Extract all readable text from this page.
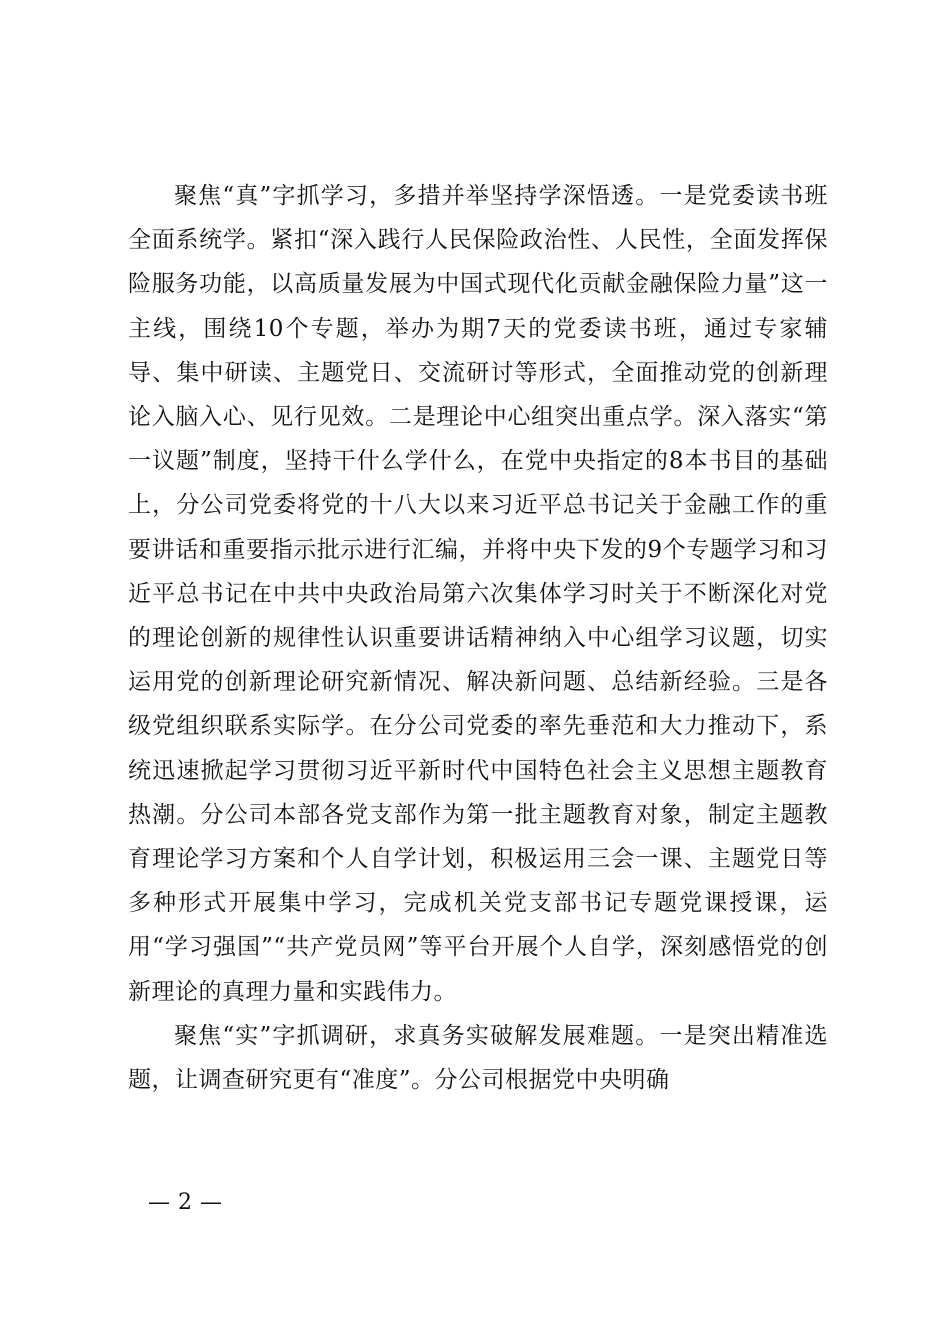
聚焦“真”字抓学习，多措并举坚持学深悟透。一是党委读书班全面系统学。紧扣“深入践行人民保险政治性、人民性，全面发挥保险服务功能，以高质量发展为中国式现代化贡献金融保险力量”这一主线，围绕10个专题，举办为期7天的党委读书班，通过专家辅导、集中研读、主题党日、交流研讨等形式，全面推动党的创新理论入脑入心、见行见效。二是理论中心组突出重点学。深入落实“第一议题”制度，坚持干什么学什么，在党中央指定的8本书目的基础上，分公司党委将党的十八大以来习近平总书记关于金融工作的重要讲话和重要指示批示进行汇编，并将中央下发的9个专题学习和习近平总书记在中共中央政治局第六次集体学习时关于不断深化对党的理论创新的规律性认识重要讲话精神纳入中心组学习议题，切实运用党的创新理论研究新情况、解决新问题、总结新经验。三是各级党组织联系实际学。在分公司党委的率先垂范和大力推动下，系统迅速掀起学习贯彻习近平新时代中国特色社会主义思想主题教育热潮。分公司本部各党支部作为第一批主题教育对象，制定主题教育理论学习方案和个人自学计划，积极运用三会一课、主题党日等多种形式开展集中学习，完成机关党支部书记专题党课授课，运用“学习强国”“共产党员网”等平台开展个人自学，深刻感悟党的创新理论的真理力量和实践伟力。

聚焦“实”字抓调研，求真务实破解发展难题。一是突出精准选题，让调查研究更有“准度”。分公司根据党中央明确

— 2 —
